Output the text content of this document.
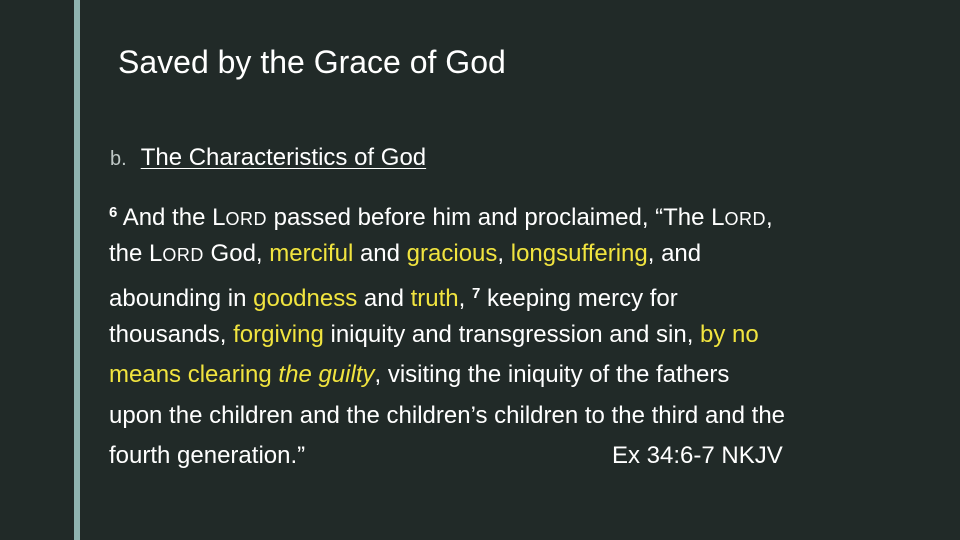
Saved by the Grace of God
b. The Characteristics of God
$^6$ And the LORD passed before him and proclaimed, “The LORD,
the LORD God, merciful and gracious, longsuffering, and
abounding in goodness and truth, $^7$ keeping mercy for
thousands, forgiving iniquity and transgression and sin, by no
means clearing the guilty, visiting the iniquity of the fathers
upon the children and the children’s children to the third and the
fourth generation.”	Ex 34:6-7 NKJV
